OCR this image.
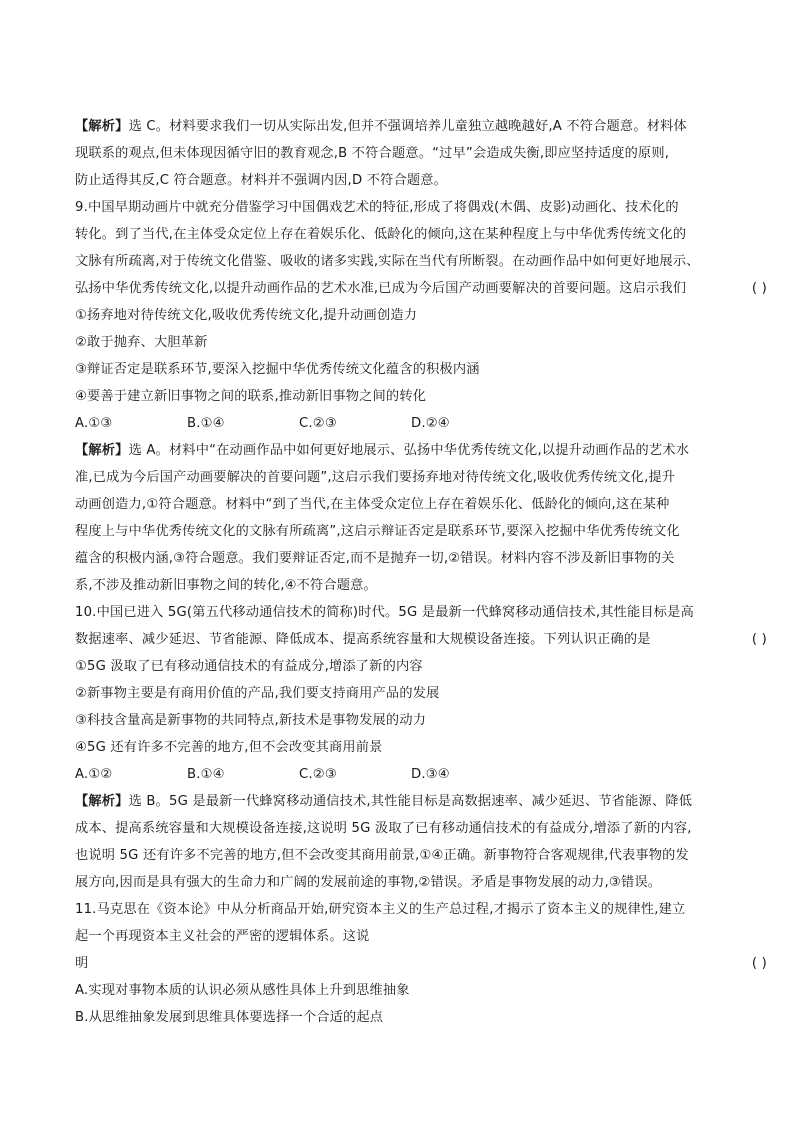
【解析】选 C。材料要求我们一切从实际出发,但并不强调培养儿童独立越晚越好,A 不符合题意。材料体
现联系的观点,但未体现因循守旧的教育观念,B 不符合题意。“过早”会造成失衡,即应坚持适度的原则,
防止适得其反,C 符合题意。材料并不强调内因,D 不符合题意。
9.中国早期动画片中就充分借鉴学习中国偶戏艺术的特征,形成了将偶戏(木偶、皮影)动画化、技术化的
转化。到了当代,在主体受众定位上存在着娱乐化、低龄化的倾向,这在某种程度上与中华优秀传统文化的
文脉有所疏离,对于传统文化借鉴、吸收的诸多实践,实际在当代有所断裂。在动画作品中如何更好地展示、
弘扬中华优秀传统文化,以提升动画作品的艺术水准,已成为今后国产动画要解决的首要问题。这启示我们	( )
①扬弃地对待传统文化,吸收优秀传统文化,提升动画创造力
②敢于抛弃、大胆革新
③辩证否定是联系环节,要深入挖掘中华优秀传统文化蕴含的积极内涵
④要善于建立新旧事物之间的联系,推动新旧事物之间的转化
A.①③	B.①④	C.②③	D.②④
【解析】选 A。材料中“在动画作品中如何更好地展示、弘扬中华优秀传统文化,以提升动画作品的艺术水
准,已成为今后国产动画要解决的首要问题”,这启示我们要扬弃地对待传统文化,吸收优秀传统文化,提升
动画创造力,①符合题意。材料中“到了当代,在主体受众定位上存在着娱乐化、低龄化的倾向,这在某种
程度上与中华优秀传统文化的文脉有所疏离”,这启示辩证否定是联系环节,要深入挖掘中华优秀传统文化
蕴含的积极内涵,③符合题意。我们要辩证否定,而不是抛弃一切,②错误。材料内容不涉及新旧事物的关
系,不涉及推动新旧事物之间的转化,④不符合题意。
10.中国已进入 5G(第五代移动通信技术的简称)时代。5G 是最新一代蜂窝移动通信技术,其性能目标是高
数据速率、减少延迟、节省能源、降低成本、提高系统容量和大规模设备连接。下列认识正确的是	( )
①5G 汲取了已有移动通信技术的有益成分,增添了新的内容
②新事物主要是有商用价值的产品,我们要支持商用产品的发展
③科技含量高是新事物的共同特点,新技术是事物发展的动力
④5G 还有许多不完善的地方,但不会改变其商用前景
A.①②	B.①④	C.②③	D.③④
【解析】选 B。5G 是最新一代蜂窝移动通信技术,其性能目标是高数据速率、减少延迟、节省能源、降低
成本、提高系统容量和大规模设备连接,这说明 5G 汲取了已有移动通信技术的有益成分,增添了新的内容,
也说明 5G 还有许多不完善的地方,但不会改变其商用前景,①④正确。新事物符合客观规律,代表事物的发
展方向,因而是具有强大的生命力和广阔的发展前途的事物,②错误。矛盾是事物发展的动力,③错误。
11.马克思在《资本论》中从分析商品开始,研究资本主义的生产总过程,才揭示了资本主义的规律性,建立
起一个再现资本主义社会的严密的逻辑体系。这说
明	( )
A.实现对事物本质的认识必须从感性具体上升到思维抽象
B.从思维抽象发展到思维具体要选择一个合适的起点
